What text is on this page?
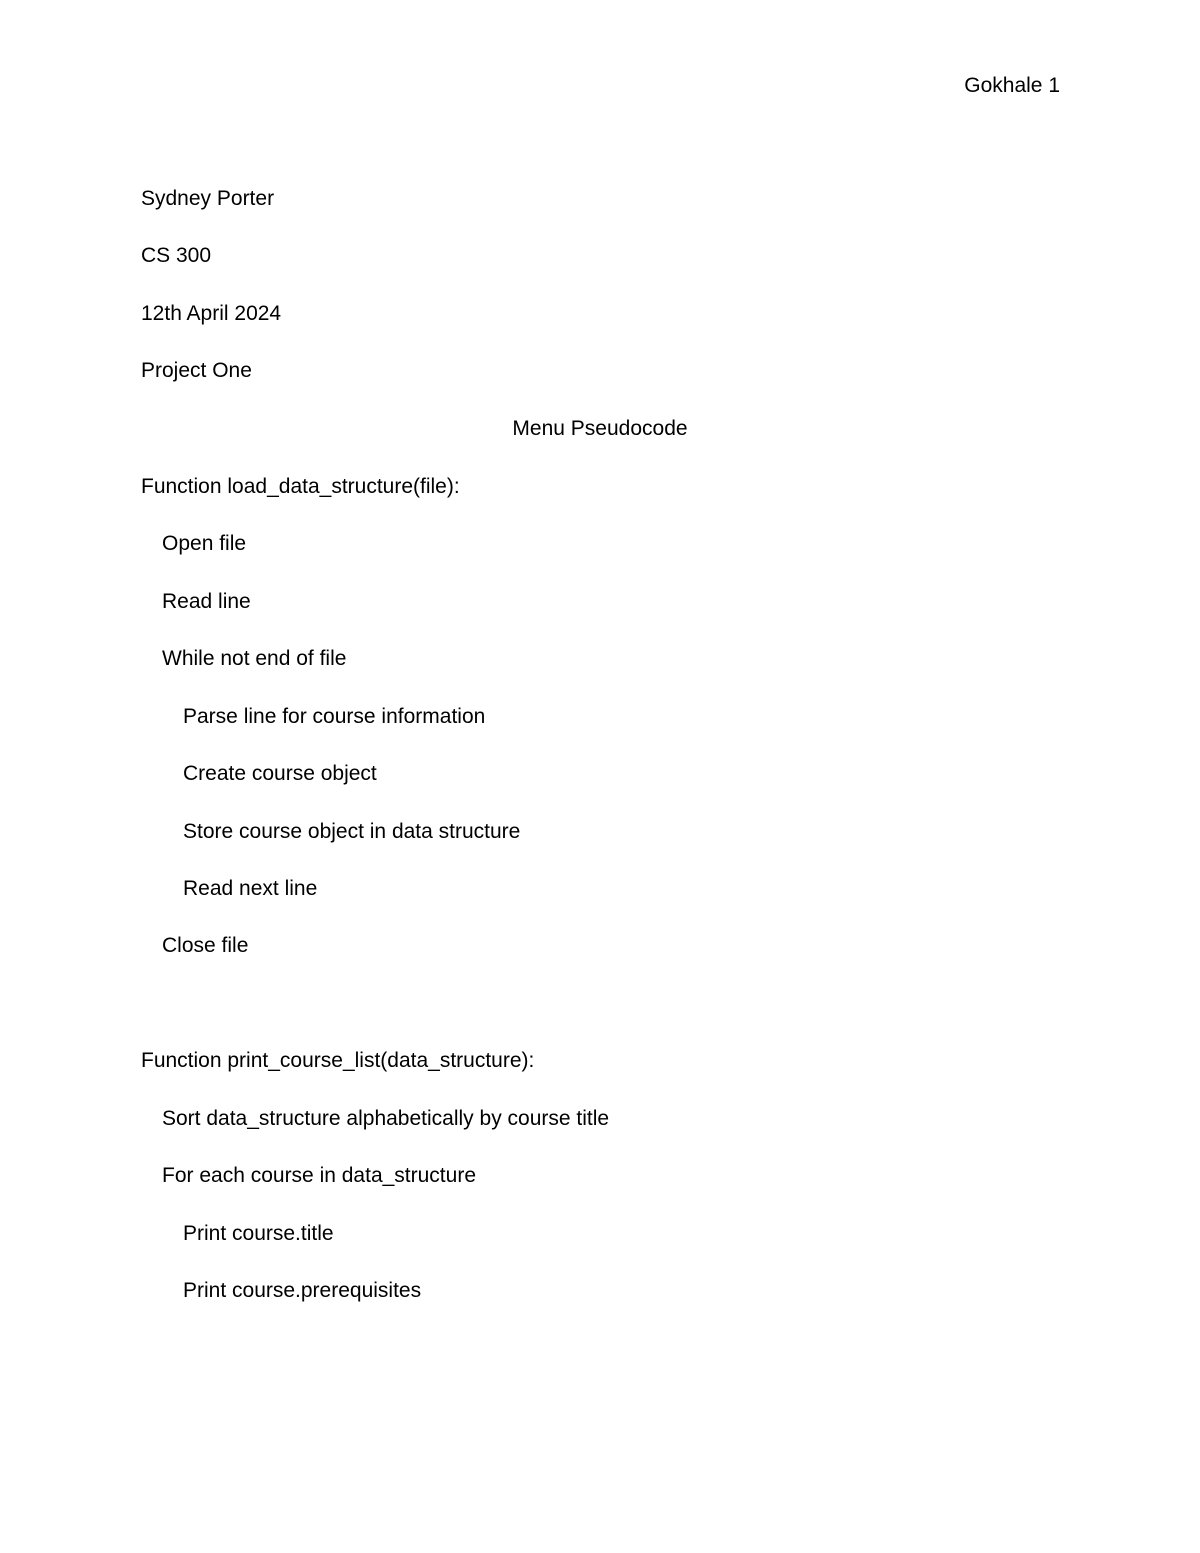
Gokhale 1
Sydney Porter
CS 300
12th April 2024
Project One
Menu Pseudocode
Function load_data_structure(file):
Open file
Read line
While not end of file
Parse line for course information
Create course object
Store course object in data structure
Read next line
Close file
Function print_course_list(data_structure):
Sort data_structure alphabetically by course title
For each course in data_structure
Print course.title
Print course.prerequisites
